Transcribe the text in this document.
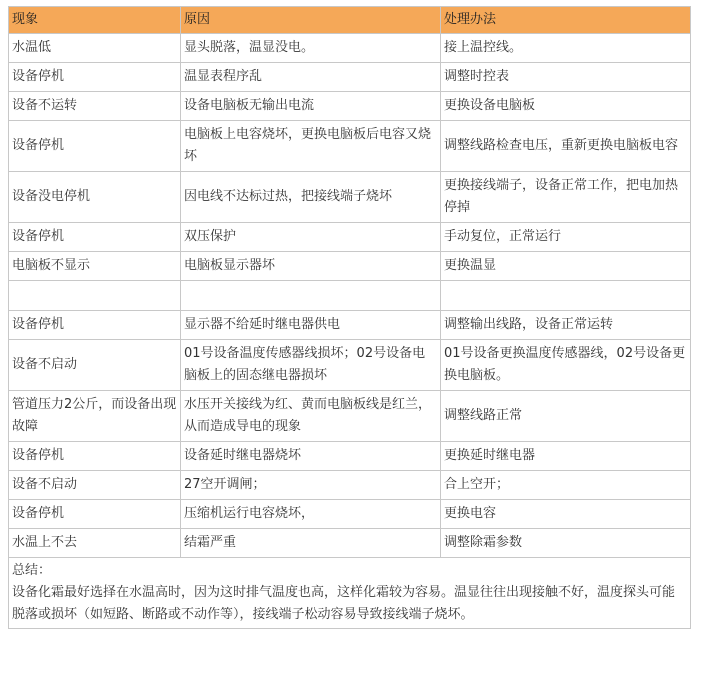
现象	原因	处理办法
水温低	显头脱落，温显没电。	接上温控线。
设备停机	温显表程序乱	调整时控表
设备不运转	设备电脑板无输出电流	更换设备电脑板
设备停机	电脑板上电容烧坏，更换电脑板后电容又烧坏	调整线路检查电压，重新更换电脑板电容
设备没电停机	因电线不达标过热，把接线端子烧坏	更换接线端子，设备正常工作，把电加热停掉
设备停机	双压保护	手动复位，正常运行
电脑板不显示	电脑板显示器坏	更换温显

设备停机	显示器不给延时继电器供电	调整输出线路，设备正常运转
设备不启动	01号设备温度传感器线损坏；02号设备电脑板上的固态继电器损坏	01号设备更换温度传感器线，02号设备更换电脑板。
管道压力2公斤，而设备出现故障	水压开关接线为红、黄而电脑板线是红兰，从而造成导电的现象	调整线路正常
设备停机	设备延时继电器烧坏	更换延时继电器
设备不启动	27空开调闸；	合上空开；
设备停机	压缩机运行电容烧坏，	更换电容
水温上不去	结霜严重	调整除霜参数

总结：
设备化霜最好选择在水温高时，因为这时排气温度也高，这样化霜较为容易。温显往往出现接触不好，温度探头可能脱落或损坏（如短路、断路或不动作等），接线端子松动容易导致接线端子烧坏。		
